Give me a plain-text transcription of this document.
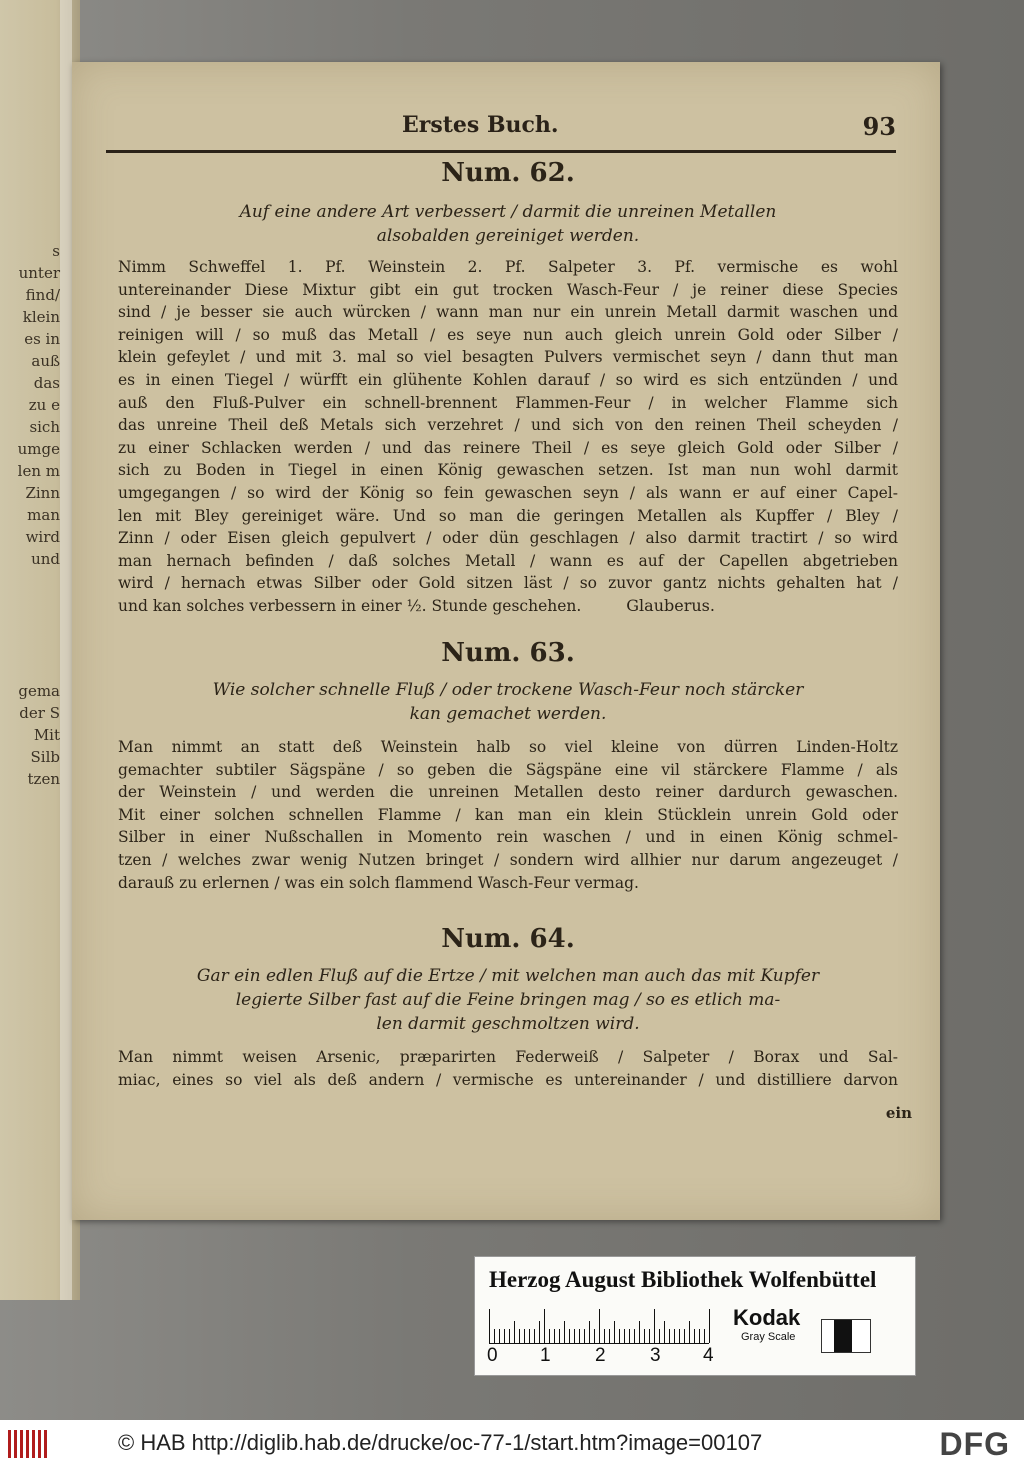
s
unter
find/
klein
es in
auß
das
zu e
sich
umge
len m
Zinn
man
wird
und

gema
der S
Mit
Silb
tzen
Erstes Buch.	93
Num. 62.
Auf eine andere Art verbessert / darmit die unreinen Metallen
alsobalden gereiniget werden.
Nimm Schweffel 1. Pf. Weinstein 2. Pf. Salpeter 3. Pf. vermische es wohl
untereinander Diese Mixtur gibt ein gut trocken Wasch-Feur / je reiner diese Species
sind / je besser sie auch würcken / wann man nur ein unrein Metall darmit waschen und
reinigen will / so muß das Metall / es seye nun auch gleich unrein Gold oder Silber /
klein gefeylet / und mit 3. mal so viel besagten Pulvers vermischet seyn / dann thut man
es in einen Tiegel / würfft ein glühente Kohlen darauf / so wird es sich entzünden / und
auß den Fluß-Pulver ein schnell-brennent Flammen-Feur / in welcher Flamme sich
das unreine Theil deß Metals sich verzehret / und sich von den reinen Theil scheyden /
zu einer Schlacken werden / und das reinere Theil / es seye gleich Gold oder Silber /
sich zu Boden in Tiegel in einen König gewaschen setzen. Ist man nun wohl darmit
umgegangen / so wird der König so fein gewaschen seyn / als wann er auf einer Capel-
len mit Bley gereiniget wäre. Und so man die geringen Metallen als Kupffer / Bley /
Zinn / oder Eisen gleich gepulvert / oder dün geschlagen / also darmit tractirt / so wird
man hernach befinden / daß solches Metall / wann es auf der Capellen abgetrieben
wird / hernach etwas Silber oder Gold sitzen läst / so zuvor gantz nichts gehalten hat /
und kan solches verbessern in einer ½. Stunde geschehen.	Glauberus.
Num. 63.
Wie solcher schnelle Fluß / oder trockene Wasch-Feur noch stärcker
kan gemachet werden.
Man nimmt an statt deß Weinstein halb so viel kleine von dürren Linden-Holtz
gemachter subtiler Sägspäne / so geben die Sägspäne eine vil stärckere Flamme / als
der Weinstein / und werden die unreinen Metallen desto reiner dardurch gewaschen.
Mit einer solchen schnellen Flamme / kan man ein klein Stücklein unrein Gold oder
Silber in einer Nußschallen in Momento rein waschen / und in einen König schmel-
tzen / welches zwar wenig Nutzen bringet / sondern wird allhier nur darum angezeuget /
darauß zu erlernen / was ein solch flammend Wasch-Feur vermag.
Num. 64.
Gar ein edlen Fluß auf die Ertze / mit welchen man auch das mit Kupfer
legierte Silber fast auf die Feine bringen mag / so es etlich ma-
len darmit geschmoltzen wird.
Man nimmt weisen Arsenic, præparirten Federweiß / Salpeter / Borax und Sal-
miac, eines so viel als deß andern / vermische es untereinander / und distilliere darvon
ein
Herzog August Bibliothek Wolfenbüttel
0 1 2 3 4
Kodak
Gray Scale
© HAB http://diglib.hab.de/drucke/oc-77-1/start.htm?image=00107	DFG
